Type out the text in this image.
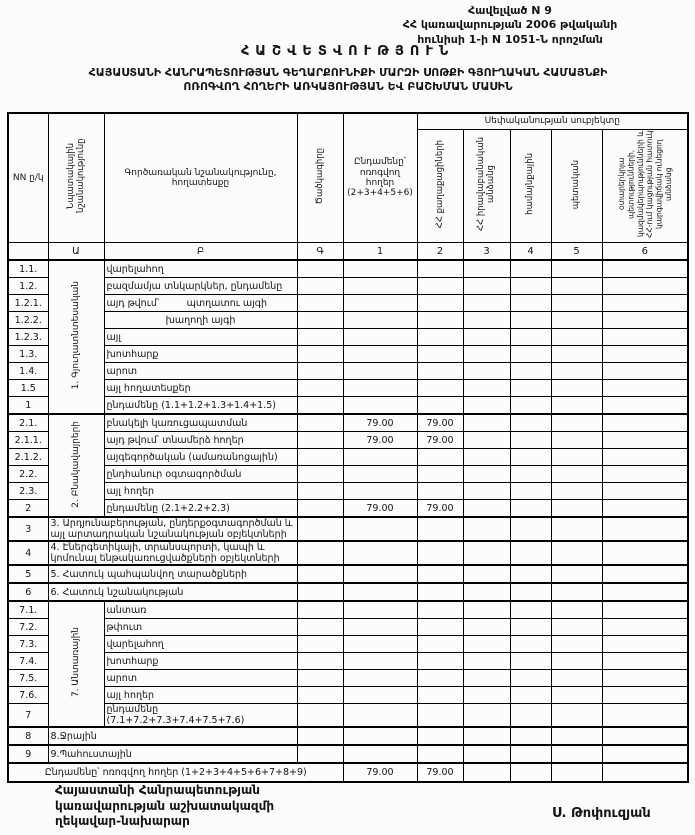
Հավելված N 9
ՀՀ կառավարության 2006 թվականի
հունիսի 1-ի N 1051-Ն որոշման
ՀԱՇՎԵՏՎՈՒԹՅՈՒՆ
ՀԱՅԱՍՏԱՆԻ ՀԱՆՐԱՊԵՏՈՒԹՅԱՆ ԳԵՂԱՐՔՈՒՆԻՔԻ ՄԱՐԶԻ ՍՈԹՔԻ ԳՅՈՒՂԱԿԱՆ ՀԱՄԱՅՆՔԻ
ՈՌՈԳՎՈՂ ՀՈՂԵՐԻ ԱՌԿԱՅՈՒԹՅԱՆ ԵՎ ԲԱՇԽՄԱՆ ՄԱՍԻՆ
NN ը/կ	Նպատակային նշանակությունը	Գործառական նշանակությունը, հողատեսքը	Ծածկագիրը	Ընդամենը՝ ոռոգվող հողեր (2+3+4+5+6)	Սեփականության սուբյեկտը				
					ՀՀ քաղաքացիների	ՀՀ իրավաբանական անձանց	համայնքային	պետական	օտարերկրյա պետությունների, կազմակերպությունների և ՀՀ-ում կացության հատուկ կարգավիճակ ունեցող անձանց
	Ա	Բ	Գ	1	2	3	4	5	6
1.1.	1. Գյուղատնտեսական	վարելահող							
1.2.		բազմամյա տնկարկներ, ընդամենը							
1.2.1.		այդ թվում՝ պտղատու այգի							

1.2.2.		խաղողի այգի							

1.2.3.		այլ							
1.3.		խոտհարք							
1.4.		արոտ							
1.5		այլ հողատեսքեր							
1		ընդամենը (1.1+1.2+1.3+1.4+1.5)							
2.1.	2. Բնակավայրերի	բնակելի կառուցապատման		79.00	79.00				
2.1.1.		այդ թվում՝ տնամերձ հողեր		79.00	79.00				
2.1.2.		այգեգործական (ամառանոցային)							
2.2.		ընդհանուր օգտագործման							
2.3.		այլ հողեր							
2		ընդամենը (2.1+2.2+2.3)		79.00	79.00				
3	3. Արդյունաբերության, ընդերքօգտագործման և այլ արտադրական նշանակության օբյեկտների								
4	4. Էներգետիկայի, տրանսպորտի, կապի և կոմունալ ենթակառուցվածքների օբյեկտների								
5	5. Հատուկ պահպանվող տարածքների								
6	6. Հատուկ նշանակության								
7.1.	7. Անտառային	անտառ							
7.2.		թփուտ							
7.3.		վարելահող							
7.4.		խոտհարք							
7.5.		արոտ							
7.6.		այլ հողեր							
7		ընդամենը (7.1+7.2+7.3+7.4+7.5+7.6)							
8	8.Ջրային								
9	9.Պահուստային								
Ընդամենը՝ ոռոգվող հողեր (1+2+3+4+5+6+7+8+9)				79.00	79.00				
Հայաստանի Հանրապետության
կառավարության աշխատակազմի
ղեկավար-նախարար
Ս. Թոփուզյան
